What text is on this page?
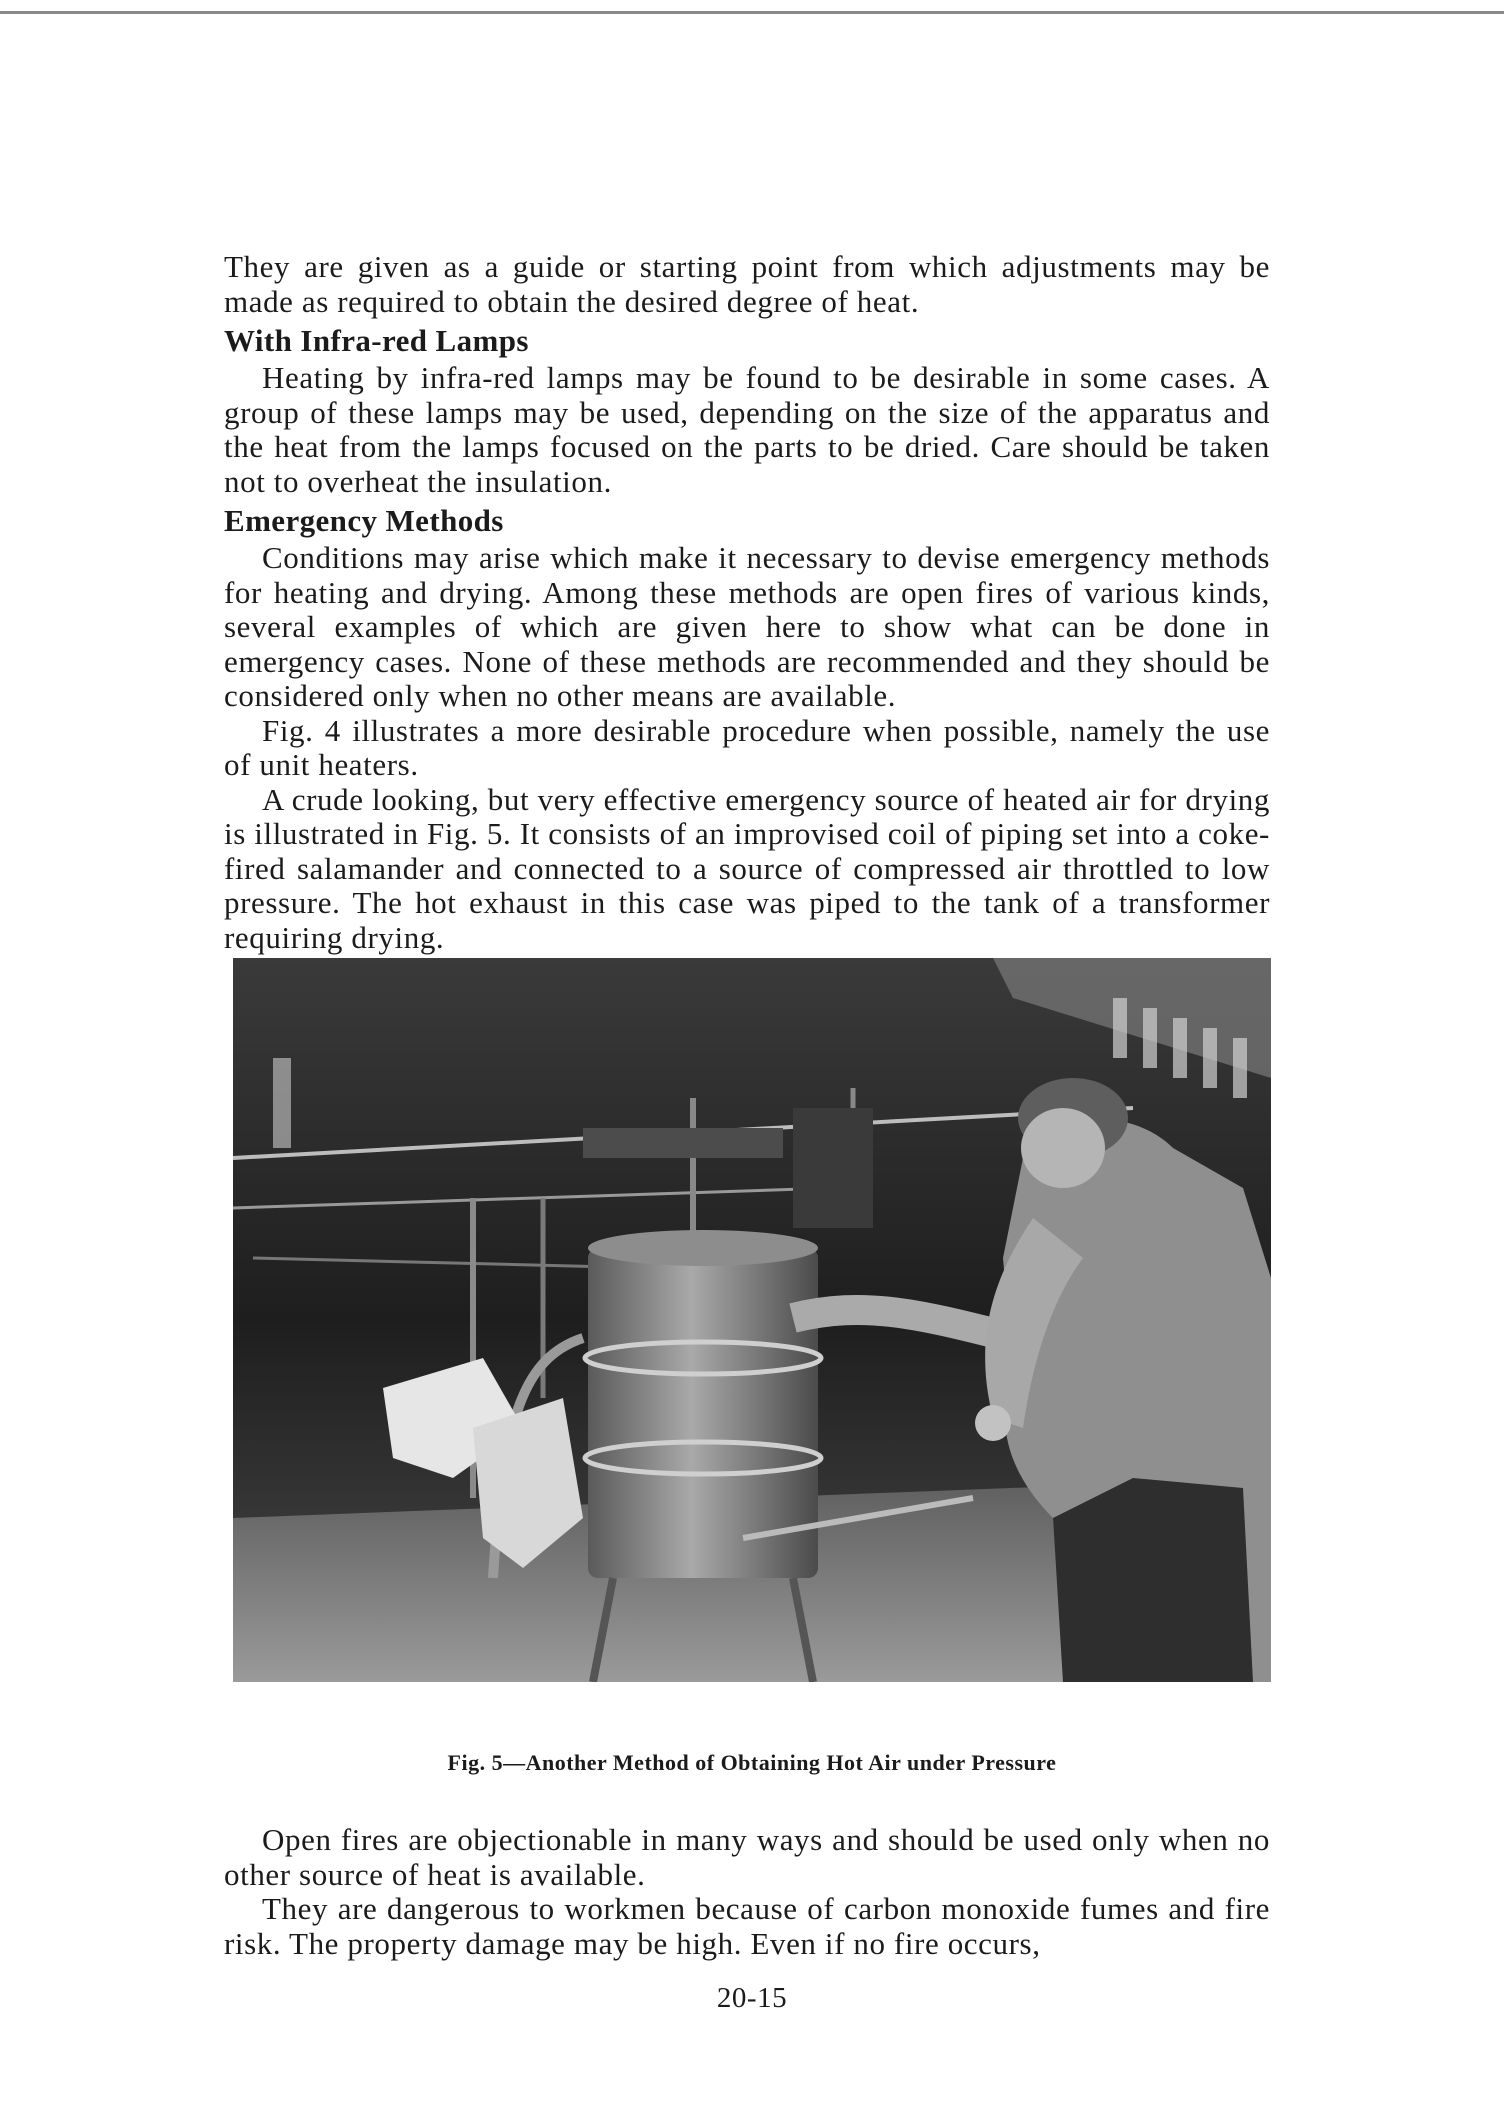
They are given as a guide or starting point from which adjustments may be made as required to obtain the desired degree of heat.

With Infra-red Lamps

Heating by infra-red lamps may be found to be desirable in some cases. A group of these lamps may be used, depending on the size of the apparatus and the heat from the lamps focused on the parts to be dried. Care should be taken not to overheat the insulation.

Emergency Methods

Conditions may arise which make it necessary to devise emergency methods for heating and drying. Among these methods are open fires of various kinds, several examples of which are given here to show what can be done in emergency cases. None of these methods are recommended and they should be considered only when no other means are available.

Fig. 4 illustrates a more desirable procedure when possible, namely the use of unit heaters.

A crude looking, but very effective emergency source of heated air for drying is illustrated in Fig. 5. It consists of an improvised coil of piping set into a coke-fired salamander and connected to a source of compressed air throttled to low pressure. The hot exhaust in this case was piped to the tank of a transformer requiring drying.

Fig. 5—Another Method of Obtaining Hot Air under Pressure

Open fires are objectionable in many ways and should be used only when no other source of heat is available.

They are dangerous to workmen because of carbon monoxide fumes and fire risk. The property damage may be high. Even if no fire occurs,

20-15
